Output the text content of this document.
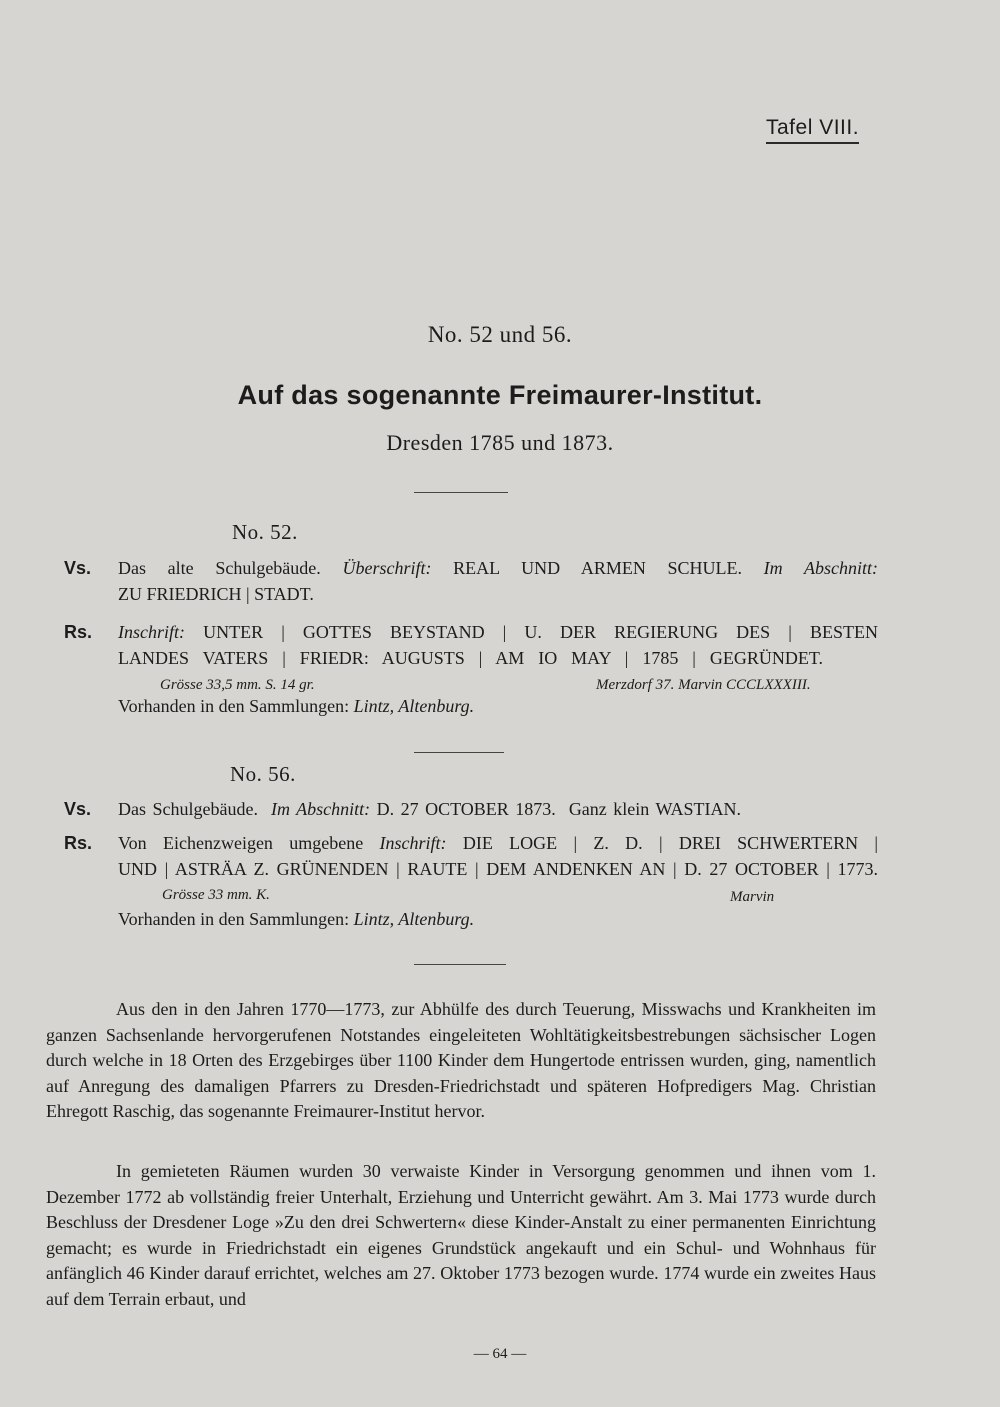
Tafel VIII.
No. 52 und 56.
Auf das sogenannte Freimaurer-Institut.
Dresden 1785 und 1873.
No. 52.
Vs. Das alte Schulgebäude. Überschrift: REAL UND ARMEN SCHULE. Im Abschnitt:
ZU FRIEDRICH | STADT.
Rs. Inschrift: UNTER | GOTTES BEYSTAND | U. DER REGIERUNG DES | BESTEN
LANDES VATERS | FRIEDR: AUGUSTS | AM IO MAY | 1785 | GEGRÜNDET.
Grösse 33,5 mm. S. 14 gr.	Merzdorf 37. Marvin CCCLXXXIII.
Vorhanden in den Sammlungen: Lintz, Altenburg.
No. 56.
Vs. Das Schulgebäude. Im Abschnitt: D. 27 OCTOBER 1873. Ganz klein WASTIAN.
Rs. Von Eichenzweigen umgebene Inschrift: DIE LOGE | Z. D. | DREI SCHWERTERN |
UND | ASTRÄA Z. GRÜNENDEN | RAUTE | DEM ANDENKEN AN | D. 27 OCTOBER | 1773.
Grösse 33 mm. K.	Marvin
Vorhanden in den Sammlungen: Lintz, Altenburg.
Aus den in den Jahren 1770—1773, zur Abhülfe des durch Teuerung, Misswachs und Krankheiten im ganzen Sachsenlande hervorgerufenen Notstandes eingeleiteten Wohltätigkeitsbestrebungen sächsischer Logen durch welche in 18 Orten des Erzgebirges über 1100 Kinder dem Hungertode entrissen wurden, ging, namentlich auf Anregung des damaligen Pfarrers zu Dresden-Friedrichstadt und späteren Hofpredigers Mag. Christian Ehregott Raschig, das sogenannte Freimaurer-Institut hervor.
In gemieteten Räumen wurden 30 verwaiste Kinder in Versorgung genommen und ihnen vom 1. Dezember 1772 ab vollständig freier Unterhalt, Erziehung und Unterricht gewährt. Am 3. Mai 1773 wurde durch Beschluss der Dresdener Loge »Zu den drei Schwertern« diese Kinder-Anstalt zu einer permanenten Einrichtung gemacht; es wurde in Friedrichstadt ein eigenes Grundstück angekauft und ein Schul- und Wohnhaus für anfänglich 46 Kinder darauf errichtet, welches am 27. Oktober 1773 bezogen wurde. 1774 wurde ein zweites Haus auf dem Terrain erbaut, und
— 64 —
